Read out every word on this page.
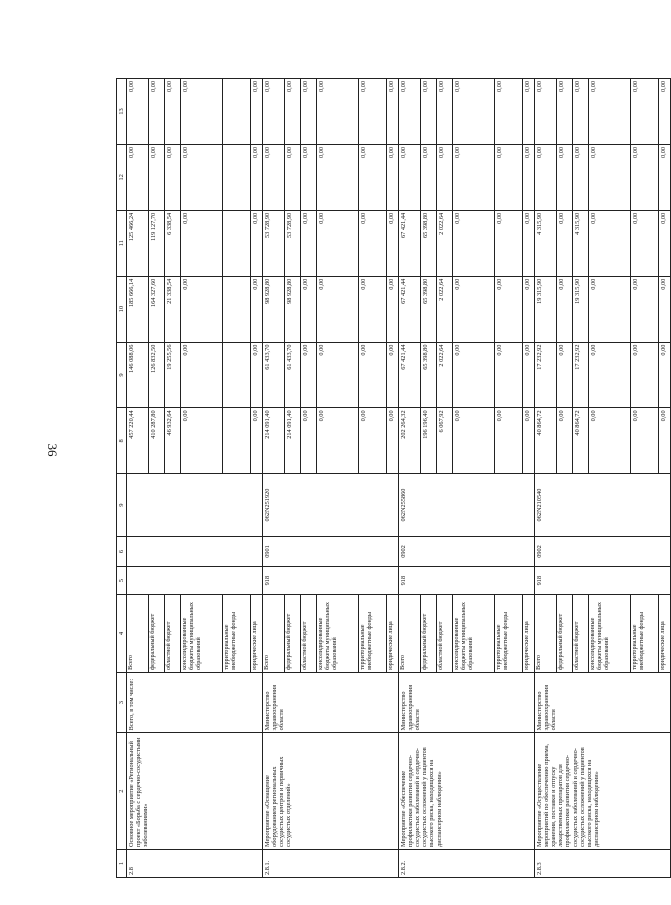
36
1	2	3	4	5	6	9	8	9	10	11	12	13
2.8	Основное мероприятие «Региональный проект «Борьба с сердечно-сосудистыми заболеваниями»	Всего, в том числе:	Всего				457 220,44	146 088,06	185 666,14	125 466,24	0,00	0,00
			федеральный бюджет				410 287,80	126 832,50	164 327,60	119 127,70	0,00	0,00
			областной бюджет				46 932,64	19 255,56	21 338,54	6 338,54	0,00	0,00
			консолидированные бюджеты муниципальных образований				0,00	0,00	0,00	0,00	0,00	0,00
			территориальные внебюджетные фонды									
			юридические лица				0,00	0,00	0,00	0,00	0,00	0,00
2.8.1.	Мероприятие «Оснащение оборудованием региональных сосудистых центров и первичных сосудистых отделений»	Министерство здравоохранения области	Всего	918	0901	062N251920	214 091,40	61 433,70	98 928,80	53 728,90	0,00	0,00
			федеральный бюджет				214 091,40	61 433,70	98 928,80	53 728,90	0,00	0,00
			областной бюджет				0,00	0,00	0,00	0,00	0,00	0,00
			консолидированные бюджеты муниципальных образований				0,00	0,00	0,00	0,00	0,00	0,00
			территориальные внебюджетные фонды				0,00	0,00	0,00	0,00	0,00	0,00
			юридические лица				0,00	0,00	0,00	0,00	0,00	0,00
2.8.2.	Мероприятие «Обеспечение профилактики развития сердечно-сосудистых заболеваний и сердечно-сосудистых осложнений у пациентов высокого риска, находящихся на диспансерном наблюдении»	Министерство здравоохранения области	Всего	918	0902	062N255860	202 264,32	67 421,44	67 421,44	67 421,44	0,00	0,00
			федеральный бюджет				196 196,40	65 398,80	65 398,80	65 398,80	0,00	0,00
			областной бюджет				6 067,92	2 022,64	2 022,64	2 022,64	0,00	0,00
			консолидированные бюджеты муниципальных образований				0,00	0,00	0,00	0,00	0,00	0,00
			территориальные внебюджетные фонды				0,00	0,00	0,00	0,00	0,00	0,00
			юридические лица				0,00	0,00	0,00	0,00	0,00	0,00
2.8.3	Мероприятие «Осуществление мероприятий по обеспечению приема, хранения, поставки и отпуску лекарственных препаратов для профилактики развития сердечно-сосудистых заболеваний и сердечно-сосудистых осложнений у пациентов высокого риска, находящихся на диспансерном наблюдении»	Министерство здравоохранения области	Всего	918	0902	062N210540	40 864,72	17 232,92	19 315,90	4 315,90	0,00	0,00
			федеральный бюджет				0,00	0,00	0,00	0,00	0,00	0,00
			областной бюджет				40 864,72	17 232,92	19 315,90	4 315,90	0,00	0,00
			консолидированные бюджеты муниципальных образований				0,00	0,00	0,00	0,00	0,00	0,00
			территориальные внебюджетные фонды				0,00	0,00	0,00	0,00	0,00	0,00
			юридические лица				0,00	0,00	0,00	0,00	0,00	0,00
